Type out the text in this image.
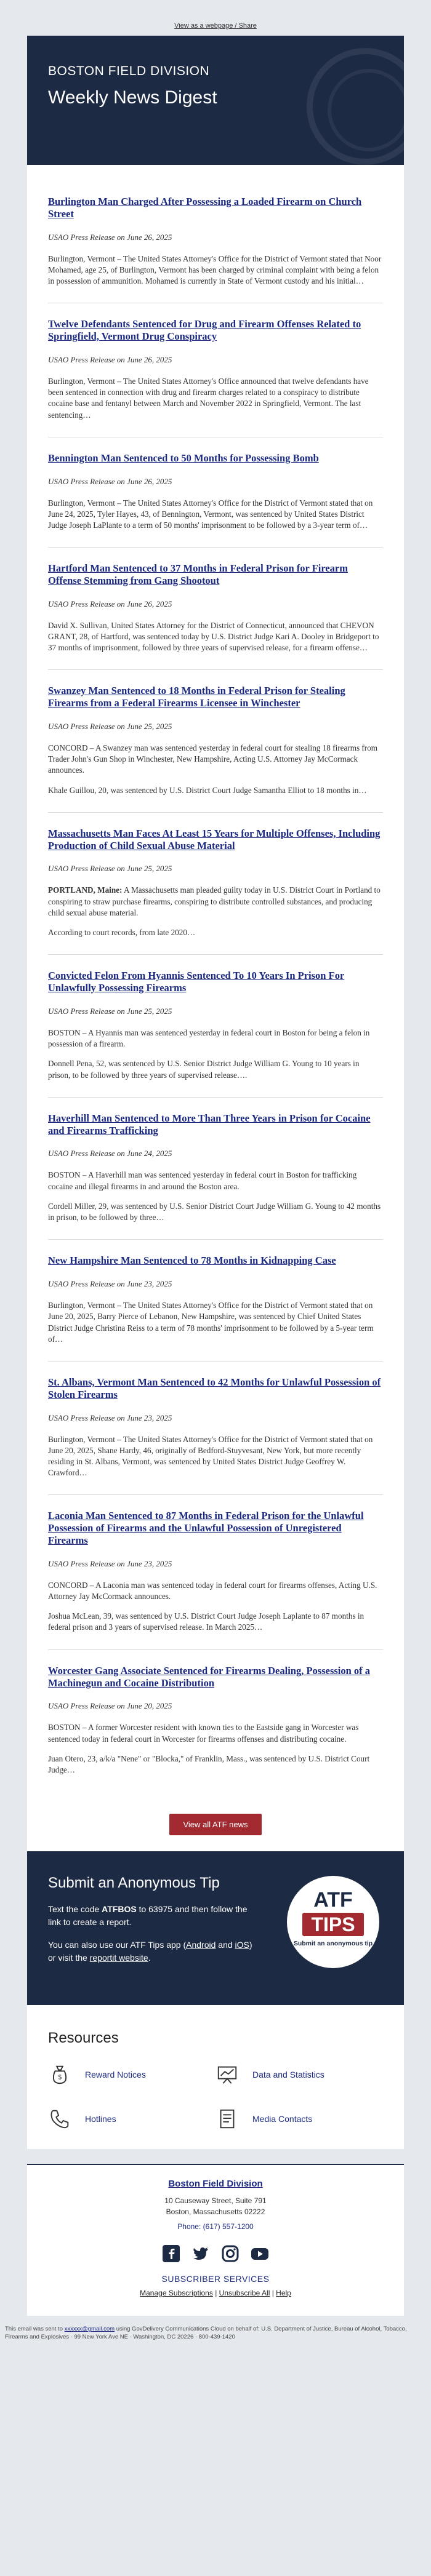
View as a webpage / Share
BOSTON FIELD DIVISION
Weekly News Digest
Burlington Man Charged After Possessing a Loaded Firearm on Church Street
USAO Press Release on June 26, 2025

Burlington, Vermont – The United States Attorney's Office for the District of Vermont stated that Noor Mohamed, age 25, of Burlington, Vermont has been charged by criminal complaint with being a felon in possession of ammunition. Mohamed is currently in State of Vermont custody and his initial…

Twelve Defendants Sentenced for Drug and Firearm Offenses Related to Springfield, Vermont Drug Conspiracy
USAO Press Release on June 26, 2025

Burlington, Vermont – The United States Attorney's Office announced that twelve defendants have been sentenced in connection with drug and firearm charges related to a conspiracy to distribute cocaine base and fentanyl between March and November 2022 in Springfield, Vermont. The last sentencing…

Bennington Man Sentenced to 50 Months for Possessing Bomb
USAO Press Release on June 26, 2025

Burlington, Vermont – The United States Attorney's Office for the District of Vermont stated that on June 24, 2025, Tyler Hayes, 43, of Bennington, Vermont, was sentenced by United States District Judge Joseph LaPlante to a term of 50 months' imprisonment to be followed by a 3-year term of…

Hartford Man Sentenced to 37 Months in Federal Prison for Firearm Offense Stemming from Gang Shootout
USAO Press Release on June 26, 2025

David X. Sullivan, United States Attorney for the District of Connecticut, announced that CHEVON GRANT, 28, of Hartford, was sentenced today by U.S. District Judge Kari A. Dooley in Bridgeport to 37 months of imprisonment, followed by three years of supervised release, for a firearm offense…

Swanzey Man Sentenced to 18 Months in Federal Prison for Stealing Firearms from a Federal Firearms Licensee in Winchester
USAO Press Release on June 25, 2025

CONCORD – A Swanzey man was sentenced yesterday in federal court for stealing 18 firearms from Trader John's Gun Shop in Winchester, New Hampshire, Acting U.S. Attorney Jay McCormack announces.

Khale Guillou, 20, was sentenced by U.S. District Court Judge Samantha Elliot to 18 months in…

Massachusetts Man Faces At Least 15 Years for Multiple Offenses, Including Production of Child Sexual Abuse Material
USAO Press Release on June 25, 2025

PORTLAND, Maine: A Massachusetts man pleaded guilty today in U.S. District Court in Portland to conspiring to straw purchase firearms, conspiring to distribute controlled substances, and producing child sexual abuse material.

According to court records, from late 2020…

Convicted Felon From Hyannis Sentenced To 10 Years In Prison For Unlawfully Possessing Firearms
USAO Press Release on June 25, 2025

BOSTON – A Hyannis man was sentenced yesterday in federal court in Boston for being a felon in possession of a firearm.

Donnell Pena, 52, was sentenced by U.S. Senior District Judge William G. Young to 10 years in prison, to be followed by three years of supervised release….

Haverhill Man Sentenced to More Than Three Years in Prison for Cocaine and Firearms Trafficking
USAO Press Release on June 24, 2025

BOSTON – A Haverhill man was sentenced yesterday in federal court in Boston for trafficking cocaine and illegal firearms in and around the Boston area.

Cordell Miller, 29, was sentenced by U.S. Senior District Court Judge William G. Young to 42 months in prison, to be followed by three…

New Hampshire Man Sentenced to 78 Months in Kidnapping Case
USAO Press Release on June 23, 2025

Burlington, Vermont – The United States Attorney's Office for the District of Vermont stated that on June 20, 2025, Barry Pierce of Lebanon, New Hampshire, was sentenced by Chief United States District Judge Christina Reiss to a term of 78 months' imprisonment to be followed by a 5-year term of…

St. Albans, Vermont Man Sentenced to 42 Months for Unlawful Possession of Stolen Firearms
USAO Press Release on June 23, 2025

Burlington, Vermont – The United States Attorney's Office for the District of Vermont stated that on June 20, 2025, Shane Hardy, 46, originally of Bedford-Stuyvesant, New York, but more recently residing in St. Albans, Vermont, was sentenced by United States District Judge Geoffrey W. Crawford…

Laconia Man Sentenced to 87 Months in Federal Prison for the Unlawful Possession of Firearms and the Unlawful Possession of Unregistered Firearms
USAO Press Release on June 23, 2025

CONCORD – A Laconia man was sentenced today in federal court for firearms offenses, Acting U.S. Attorney Jay McCormack announces.

Joshua McLean, 39, was sentenced by U.S. District Court Judge Joseph Laplante to 87 months in federal prison and 3 years of supervised release. In March 2025…

Worcester Gang Associate Sentenced for Firearms Dealing, Possession of a Machinegun and Cocaine Distribution
USAO Press Release on June 20, 2025

BOSTON – A former Worcester resident with known ties to the Eastside gang in Worcester was sentenced today in federal court in Worcester for firearms offenses and distributing cocaine.

Juan Otero, 23, a/k/a "Nene" or "Blocka," of Franklin, Mass., was sentenced by U.S. District Court Judge…

View all ATF news
Submit an Anonymous Tip

Text the code ATFBOS to 63975 and then follow the link to create a report.

You can also use our ATF Tips app (Android and iOS) or visit the reportit website.

ATF
TIPS
Submit an anonymous tip
Resources
$	Reward Notices	Data and Statistics
Hotlines	Media Contacts
Boston Field Division
10 Causeway Street, Suite 791
Boston, Massachusetts 02222
Phone: (617) 557-1200
SUBSCRIBER SERVICES
Manage Subscriptions | Unsubscribe All | Help
This email was sent to xxxxxx@gmail.com using GovDelivery Communications Cloud on behalf of: U.S. Department of Justice, Bureau of Alcohol, Tobacco, Firearms and Explosives · 99 New York Ave NE · Washington, DC 20226 · 800-439-1420
